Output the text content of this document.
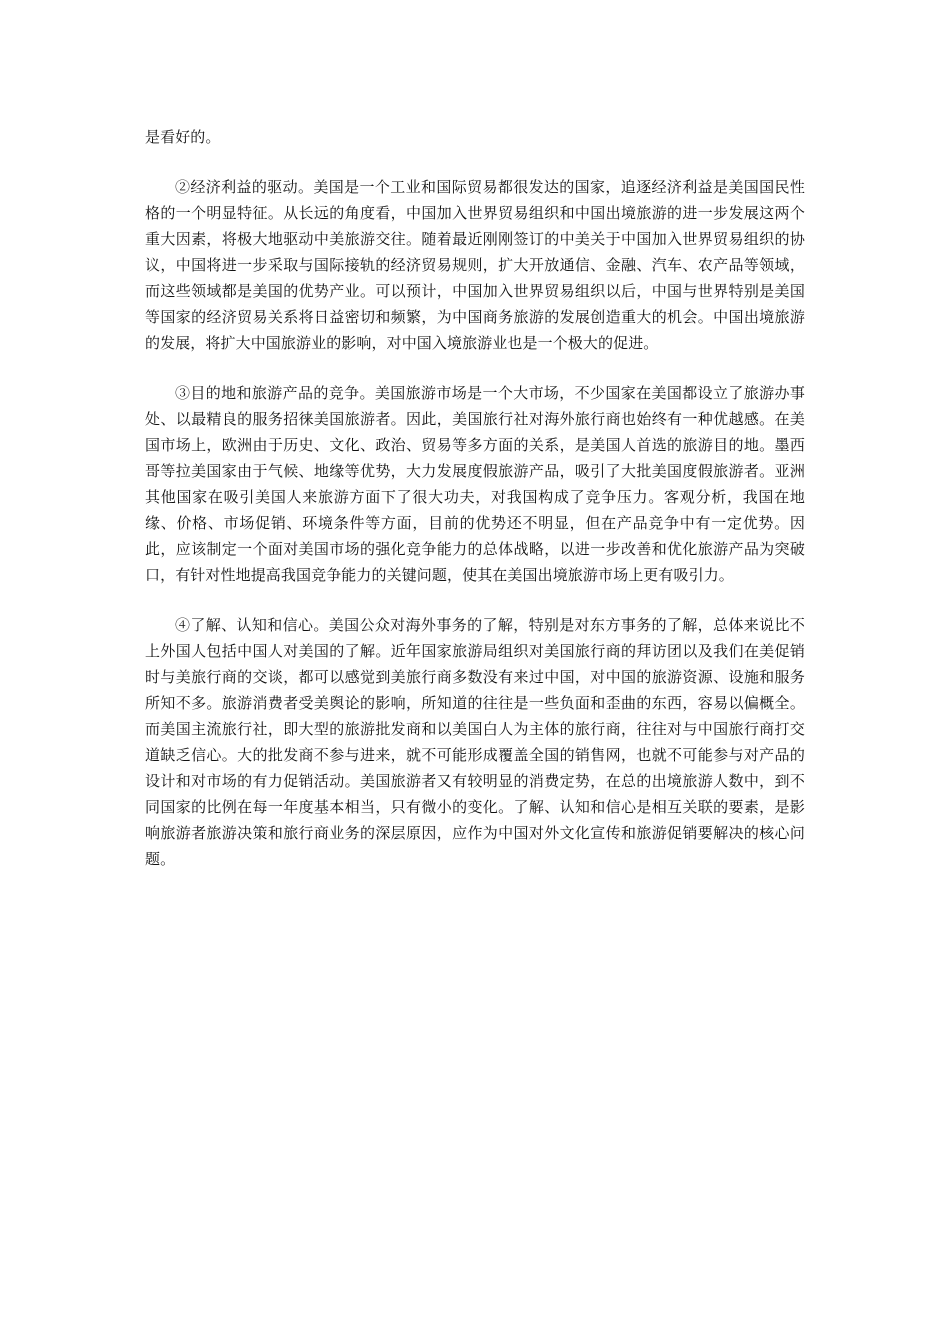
是看好的。

②经济利益的驱动。美国是一个工业和国际贸易都很发达的国家，追逐经济利益是美国国民性格的一个明显特征。从长远的角度看，中国加入世界贸易组织和中国出境旅游的进一步发展这两个重大因素，将极大地驱动中美旅游交往。随着最近刚刚签订的中美关于中国加入世界贸易组织的协议，中国将进一步采取与国际接轨的经济贸易规则，扩大开放通信、金融、汽车、农产品等领域，而这些领域都是美国的优势产业。可以预计，中国加入世界贸易组织以后，中国与世界特别是美国等国家的经济贸易关系将日益密切和频繁，为中国商务旅游的发展创造重大的机会。中国出境旅游的发展，将扩大中国旅游业的影响，对中国入境旅游业也是一个极大的促进。

③目的地和旅游产品的竞争。美国旅游市场是一个大市场，不少国家在美国都设立了旅游办事处、以最精良的服务招徕美国旅游者。因此，美国旅行社对海外旅行商也始终有一种优越感。在美国市场上，欧洲由于历史、文化、政治、贸易等多方面的关系，是美国人首选的旅游目的地。墨西哥等拉美国家由于气候、地缘等优势，大力发展度假旅游产品，吸引了大批美国度假旅游者。亚洲其他国家在吸引美国人来旅游方面下了很大功夫，对我国构成了竞争压力。客观分析，我国在地缘、价格、市场促销、环境条件等方面，目前的优势还不明显，但在产品竞争中有一定优势。因此，应该制定一个面对美国市场的强化竞争能力的总体战略，以进一步改善和优化旅游产品为突破口，有针对性地提高我国竞争能力的关键问题，使其在美国出境旅游市场上更有吸引力。

④了解、认知和信心。美国公众对海外事务的了解，特别是对东方事务的了解，总体来说比不上外国人包括中国人对美国的了解。近年国家旅游局组织对美国旅行商的拜访团以及我们在美促销时与美旅行商的交谈，都可以感觉到美旅行商多数没有来过中国，对中国的旅游资源、设施和服务所知不多。旅游消费者受美舆论的影响，所知道的往往是一些负面和歪曲的东西，容易以偏概全。而美国主流旅行社，即大型的旅游批发商和以美国白人为主体的旅行商，往往对与中国旅行商打交道缺乏信心。大的批发商不参与进来，就不可能形成覆盖全国的销售网，也就不可能参与对产品的设计和对市场的有力促销活动。美国旅游者又有较明显的消费定势，在总的出境旅游人数中，到不同国家的比例在每一年度基本相当，只有微小的变化。了解、认知和信心是相互关联的要素，是影响旅游者旅游决策和旅行商业务的深层原因，应作为中国对外文化宣传和旅游促销要解决的核心问题。
